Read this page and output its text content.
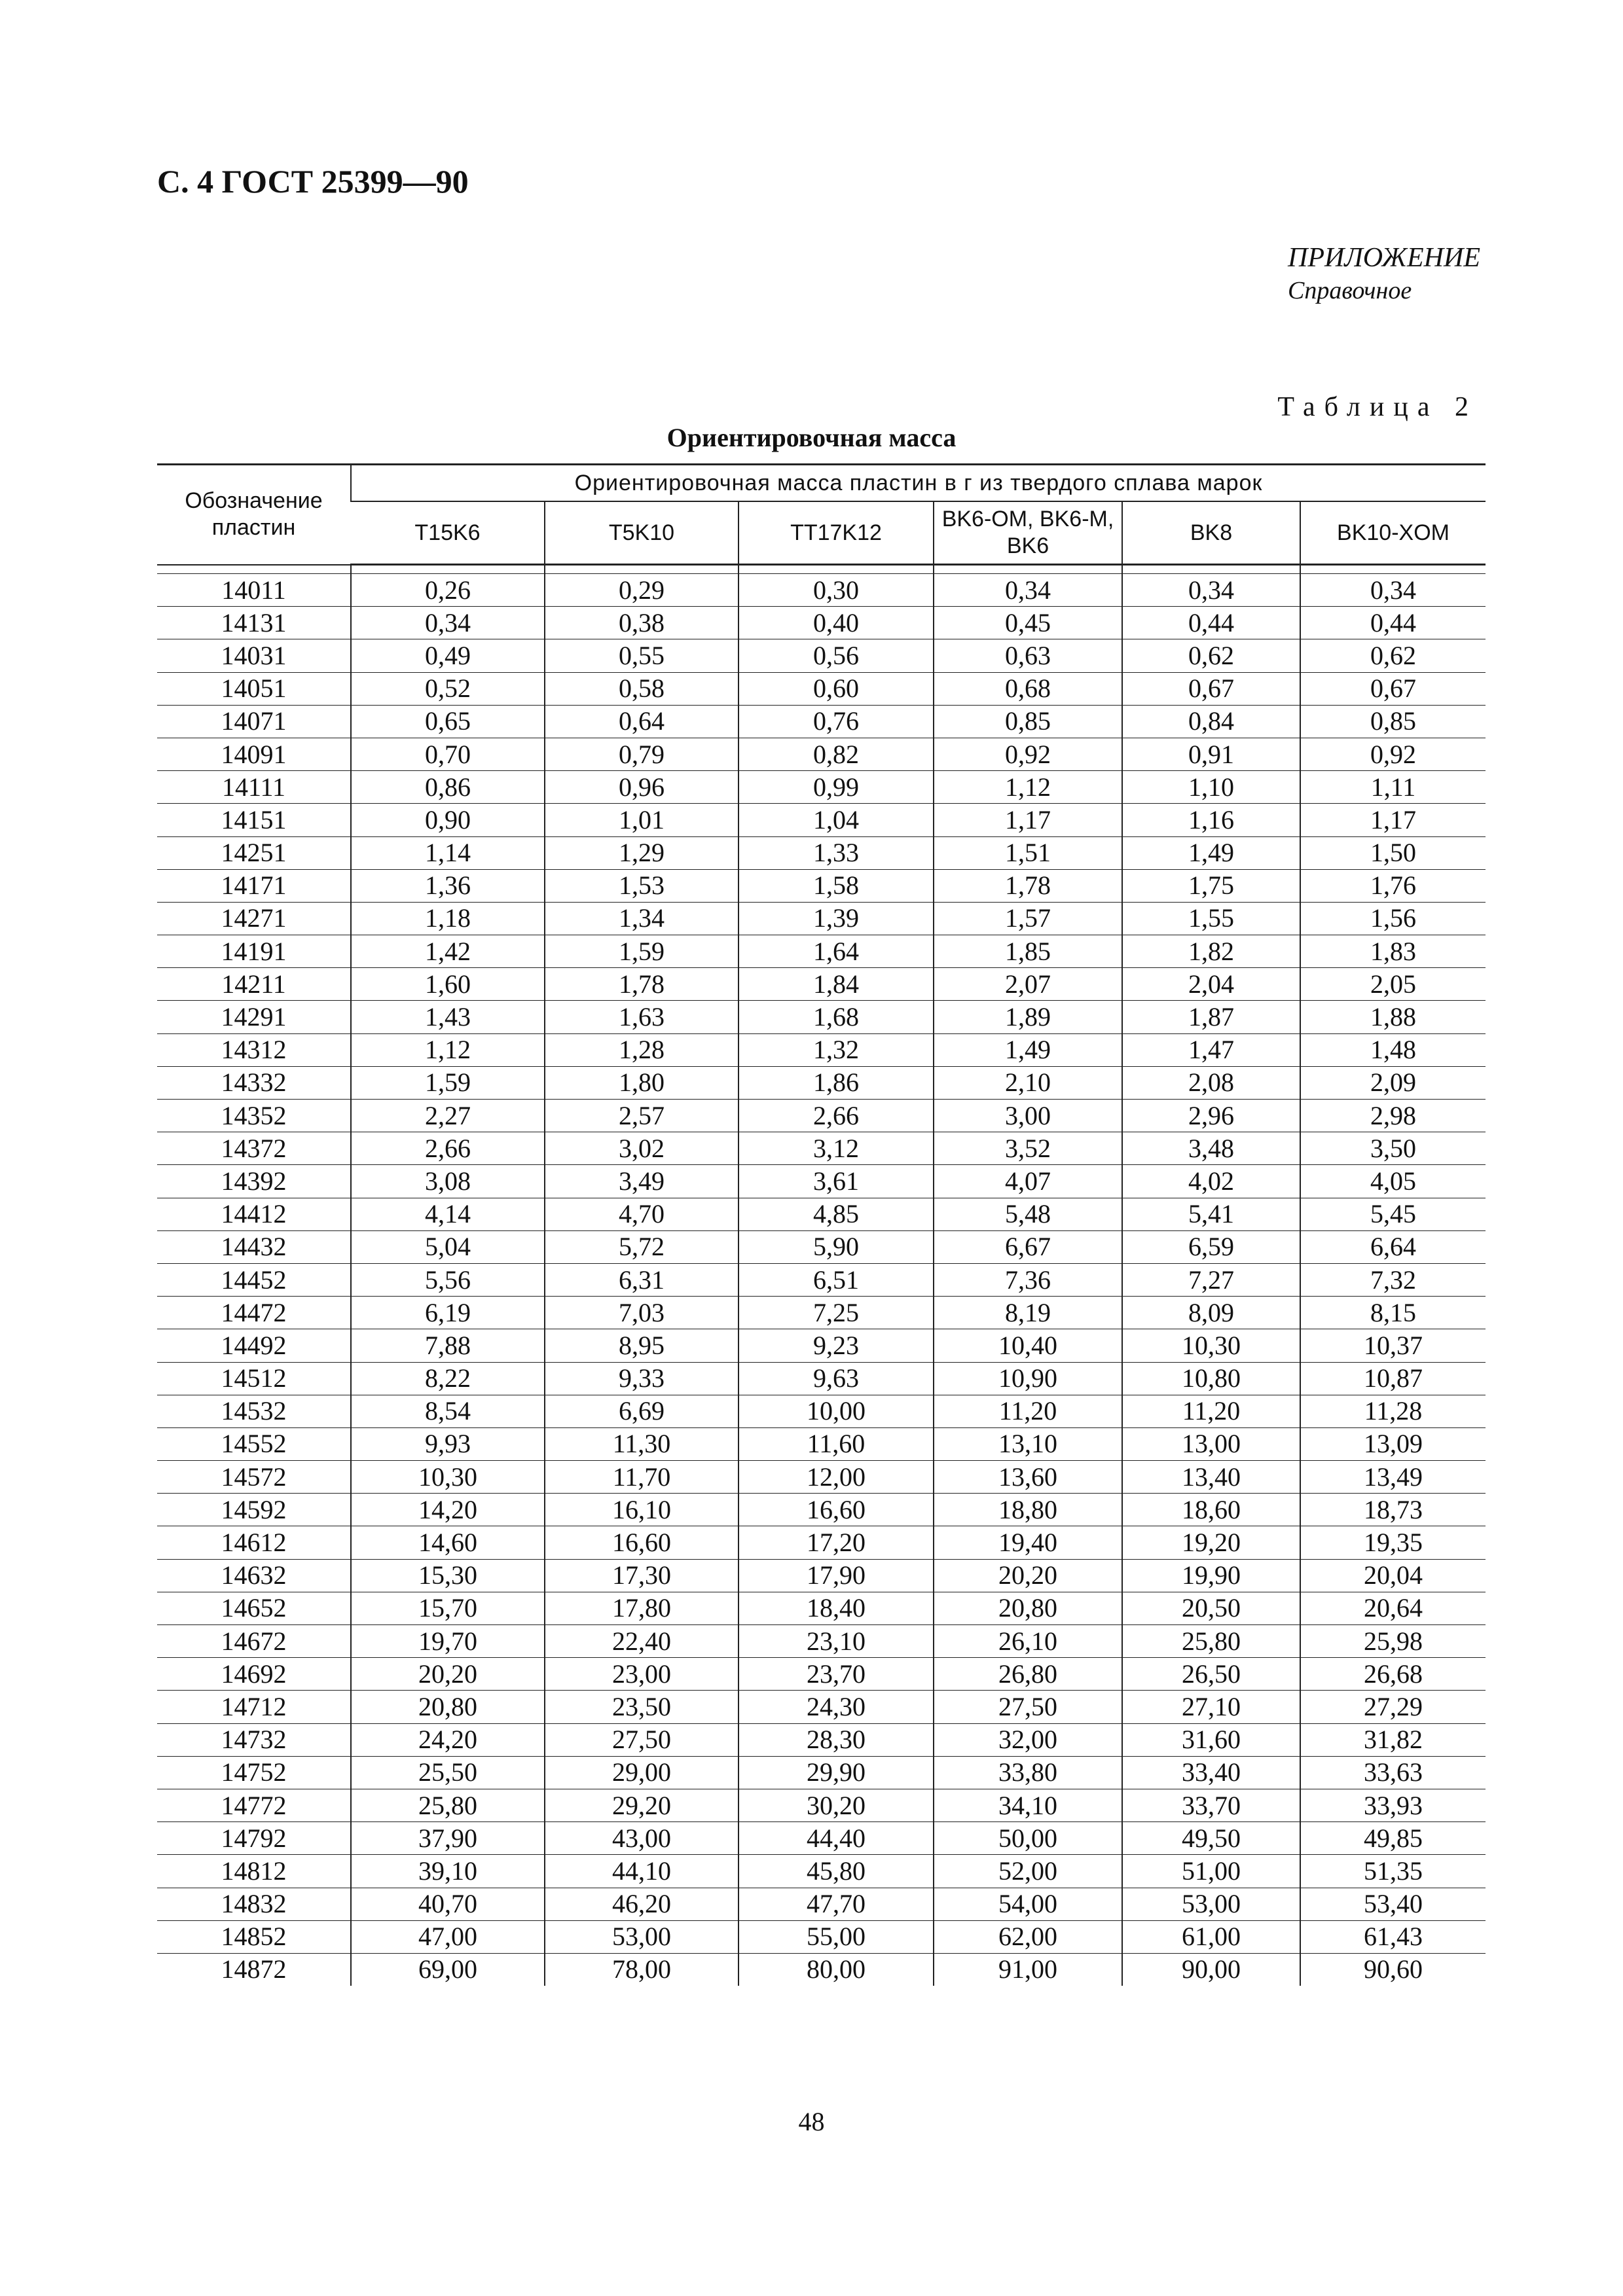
С. 4 ГОСТ 25399—90
ПРИЛОЖЕНИЕ
Справочное
Таблица 2
Ориентировочная масса
Обозначение пластин	Ориентировочная масса пластин в г из твердого сплава марок					
	T15K6	T5K10	TT17K12	BK6-OM, BK6-M, BK6	BK8	BK10-XOM

14011	0,26	0,29	0,30	0,34	0,34	0,34
14131	0,34	0,38	0,40	0,45	0,44	0,44
14031	0,49	0,55	0,56	0,63	0,62	0,62
14051	0,52	0,58	0,60	0,68	0,67	0,67
14071	0,65	0,64	0,76	0,85	0,84	0,85
14091	0,70	0,79	0,82	0,92	0,91	0,92
14111	0,86	0,96	0,99	1,12	1,10	1,11
14151	0,90	1,01	1,04	1,17	1,16	1,17
14251	1,14	1,29	1,33	1,51	1,49	1,50
14171	1,36	1,53	1,58	1,78	1,75	1,76
14271	1,18	1,34	1,39	1,57	1,55	1,56
14191	1,42	1,59	1,64	1,85	1,82	1,83
14211	1,60	1,78	1,84	2,07	2,04	2,05
14291	1,43	1,63	1,68	1,89	1,87	1,88
14312	1,12	1,28	1,32	1,49	1,47	1,48
14332	1,59	1,80	1,86	2,10	2,08	2,09
14352	2,27	2,57	2,66	3,00	2,96	2,98
14372	2,66	3,02	3,12	3,52	3,48	3,50
14392	3,08	3,49	3,61	4,07	4,02	4,05
14412	4,14	4,70	4,85	5,48	5,41	5,45
14432	5,04	5,72	5,90	6,67	6,59	6,64
14452	5,56	6,31	6,51	7,36	7,27	7,32
14472	6,19	7,03	7,25	8,19	8,09	8,15
14492	7,88	8,95	9,23	10,40	10,30	10,37
14512	8,22	9,33	9,63	10,90	10,80	10,87
14532	8,54	6,69	10,00	11,20	11,20	11,28
14552	9,93	11,30	11,60	13,10	13,00	13,09
14572	10,30	11,70	12,00	13,60	13,40	13,49
14592	14,20	16,10	16,60	18,80	18,60	18,73
14612	14,60	16,60	17,20	19,40	19,20	19,35
14632	15,30	17,30	17,90	20,20	19,90	20,04
14652	15,70	17,80	18,40	20,80	20,50	20,64
14672	19,70	22,40	23,10	26,10	25,80	25,98
14692	20,20	23,00	23,70	26,80	26,50	26,68
14712	20,80	23,50	24,30	27,50	27,10	27,29
14732	24,20	27,50	28,30	32,00	31,60	31,82
14752	25,50	29,00	29,90	33,80	33,40	33,63
14772	25,80	29,20	30,20	34,10	33,70	33,93
14792	37,90	43,00	44,40	50,00	49,50	49,85
14812	39,10	44,10	45,80	52,00	51,00	51,35
14832	40,70	46,20	47,70	54,00	53,00	53,40
14852	47,00	53,00	55,00	62,00	61,00	61,43
14872	69,00	78,00	80,00	91,00	90,00	90,60
48
